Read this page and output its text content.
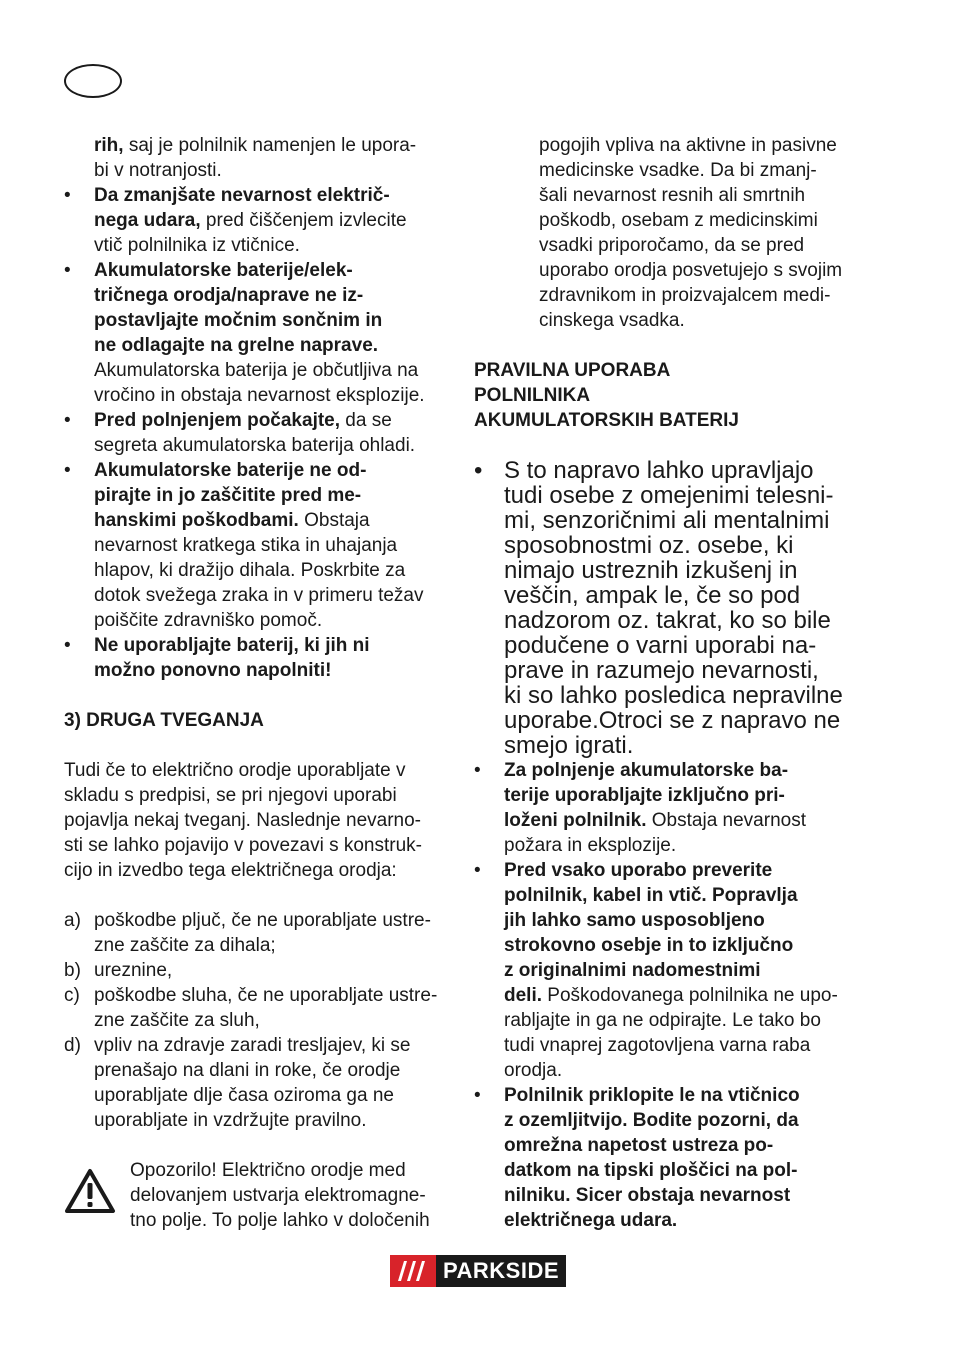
rih, saj je polnilnik namenjen le upora-
bi v notranjosti.
•	Da zmanjšate nevarnost električ-
nega udara, pred čiščenjem izvlecite
vtič polnilnika iz vtičnice.
•	Akumulatorske baterije/elek-
tričnega orodja/naprave ne iz-
postavljajte močnim sončnim in
ne odlagajte na grelne naprave.
Akumulatorska baterija je občutljiva na
vročino in obstaja nevarnost eksplozije.
•	Pred polnjenjem počakajte, da se
segreta akumulatorska baterija ohladi.
•	Akumulatorske baterije ne od-
pirajte in jo zaščitite pred me-
hanskimi poškodbami. Obstaja
nevarnost kratkega stika in uhajanja
hlapov, ki dražijo dihala. Poskrbite za
dotok svežega zraka in v primeru težav
poiščite zdravniško pomoč.
•	Ne uporabljajte baterij, ki jih ni
možno ponovno napolniti!
3) DRUGA TVEGANJA
Tudi če to električno orodje uporabljate v
skladu s predpisi, se pri njegovi uporabi
pojavlja nekaj tveganj. Naslednje nevarno-
sti se lahko pojavijo v povezavi s konstruk-
cijo in izvedbo tega električnega orodja:
a) poškodbe pljuč, če ne uporabljate ustre-
zne zaščite za dihala;
b) ureznine,
c) poškodbe sluha, če ne uporabljate ustre-
zne zaščite za sluh,
d) vpliv na zdravje zaradi tresljajev, ki se
prenašajo na dlani in roke, če orodje
uporabljate dlje časa oziroma ga ne
uporabljate in vzdržujte pravilno.
Opozorilo! Električno orodje med
delovanjem ustvarja elektromagne-
tno polje. To polje lahko v določenih
pogojih vpliva na aktivne in pasivne
medicinske vsadke. Da bi zmanj-
šali nevarnost resnih ali smrtnih
poškodb, osebam z medicinskimi
vsadki priporočamo, da se pred
uporabo orodja posvetujejo s svojim
zdravnikom in proizvajalcem medi-
cinskega vsadka.
PRAVILNA UPORABA
POLNILNIKA
AKUMULATORSKIH BATERIJ
• S to napravo lahko upravljajo
tudi osebe z omejenimi telesni-
mi, senzoričnimi ali mentalnimi
sposobnostmi oz. osebe, ki
nimajo ustreznih izkušenj in
veščin, ampak le, če so pod
nadzorom oz. takrat, ko so bile
podučene o varni uporabi na-
prave in razumejo nevarnosti,
ki so lahko posledica nepravilne
uporabe.Otroci se z napravo ne
smejo igrati.
•	Za polnjenje akumulatorske ba-
terije uporabljajte izključno pri-
loženi polnilnik. Obstaja nevarnost
požara in eksplozije.
•	Pred vsako uporabo preverite
polnilnik, kabel in vtič. Popravlja
jih lahko samo usposobljeno
strokovno osebje in to izključno
z originalnimi nadomestnimi
deli. Poškodovanega polnilnika ne upo-
rabljajte in ga ne odpirajte. Le tako bo
tudi vnaprej zagotovljena varna raba
orodja.
•	Polnilnik priklopite le na vtičnico
z ozemljitvijo. Bodite pozorni, da
omrežna napetost ustreza po-
datkom na tipski ploščici na pol-
nilniku. Sicer obstaja nevarnost
električnega udara.
PARKSIDE
